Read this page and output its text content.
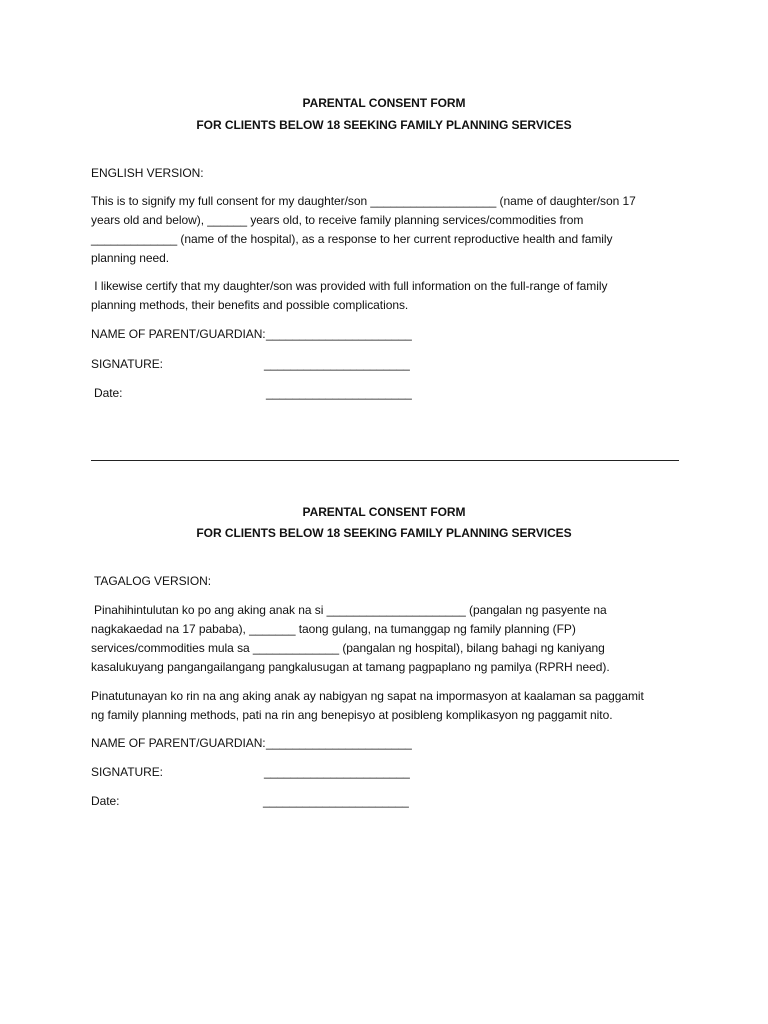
PARENTAL CONSENT FORM
FOR CLIENTS BELOW 18 SEEKING FAMILY PLANNING SERVICES
ENGLISH VERSION:
This is to signify my full consent for my daughter/son ___________________ (name of daughter/son 17
years old and below), ______ years old, to receive family planning services/commodities from
_____________ (name of the hospital), as a response to her current reproductive health and family
planning need.
I likewise certify that my daughter/son was provided with full information on the full-range of family
planning methods, their benefits and possible complications.
NAME OF PARENT/GUARDIAN: ______________________
SIGNATURE:	______________________
Date:	______________________
PARENTAL CONSENT FORM
FOR CLIENTS BELOW 18 SEEKING FAMILY PLANNING SERVICES
TAGALOG VERSION:
Pinahihintulutan ko po ang aking anak na si _____________________ (pangalan ng pasyente na
nagkakaedad na 17 pababa), _______ taong gulang, na tumanggap ng family planning (FP)
services/commodities mula sa _____________ (pangalan ng hospital), bilang bahagi ng kaniyang
kasalukuyang pangangailangang pangkalusugan at tamang pagpaplano ng pamilya (RPRH need).
Pinatutunayan ko rin na ang aking anak ay nabigyan ng sapat na impormasyon at kaalaman sa paggamit
ng family planning methods, pati na rin ang benepisyo at posibleng komplikasyon ng paggamit nito.
NAME OF PARENT/GUARDIAN: ______________________
SIGNATURE:	______________________
Date:	______________________
